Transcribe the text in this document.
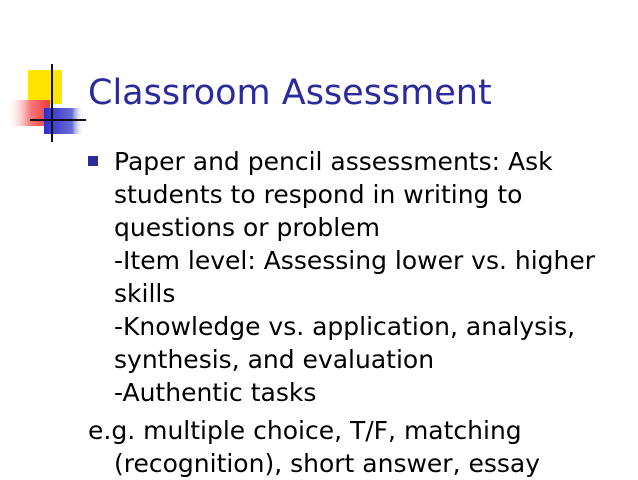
Classroom Assessment
Paper and pencil assessments: Ask
students to respond in writing to
questions or problem
-Item level: Assessing lower vs. higher
skills
-Knowledge vs. application, analysis,
synthesis, and evaluation
-Authentic tasks
e.g. multiple choice, T/F, matching
(recognition), short answer, essay
